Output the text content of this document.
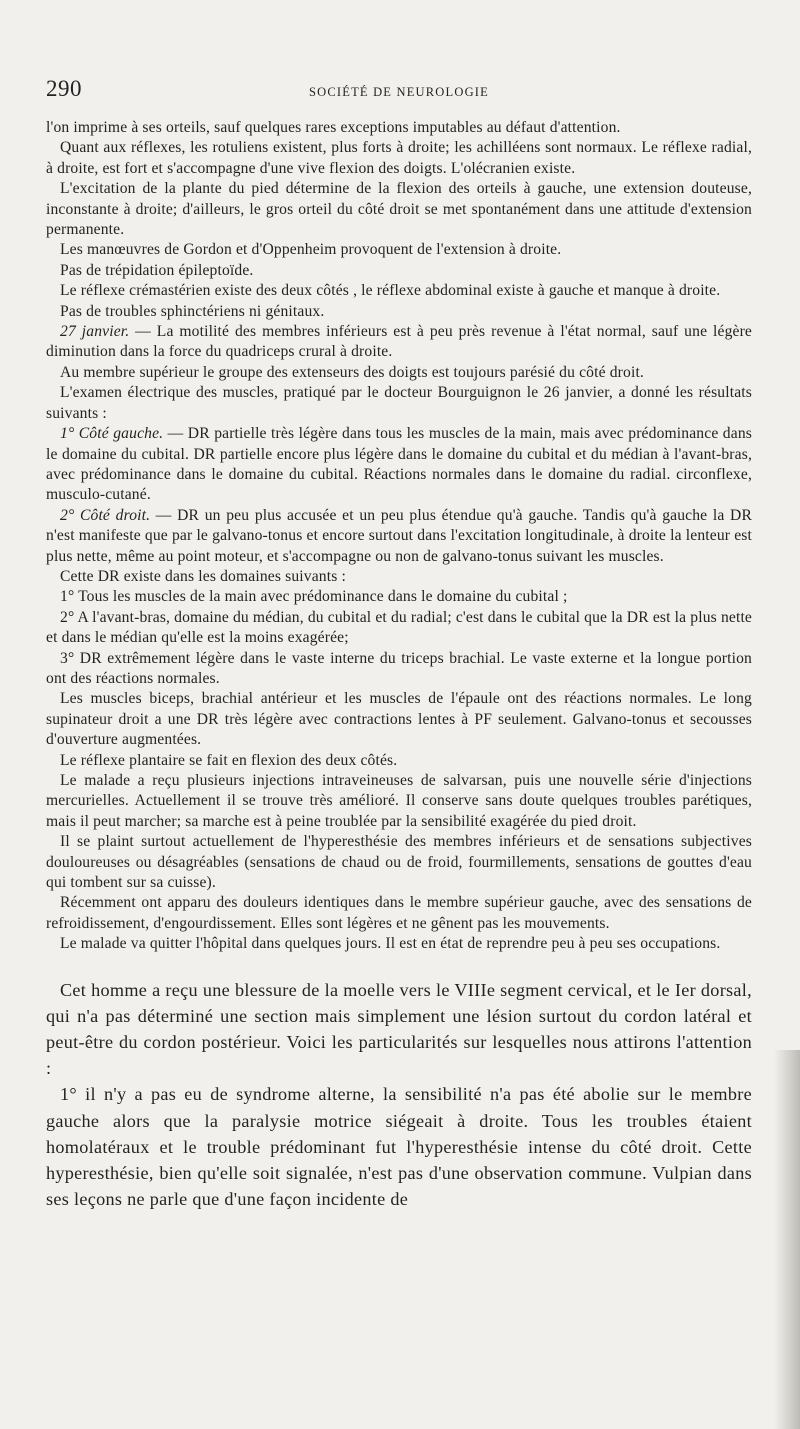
290	SOCIÉTÉ DE NEUROLOGIE

l'on imprime à ses orteils, sauf quelques rares exceptions imputables au défaut d'attention.

Quant aux réflexes, les rotuliens existent, plus forts à droite; les achilléens sont normaux. Le réflexe radial, à droite, est fort et s'accompagne d'une vive flexion des doigts. L'olécranien existe.

L'excitation de la plante du pied détermine de la flexion des orteils à gauche, une extension douteuse, inconstante à droite; d'ailleurs, le gros orteil du côté droit se met spontanément dans une attitude d'extension permanente.

Les manœuvres de Gordon et d'Oppenheim provoquent de l'extension à droite.

Pas de trépidation épileptoïde.

Le réflexe crémastérien existe des deux côtés , le réflexe abdominal existe à gauche et manque à droite.

Pas de troubles sphinctériens ni génitaux.

27 janvier. — La motilité des membres inférieurs est à peu près revenue à l'état normal, sauf une légère diminution dans la force du quadriceps crural à droite.

Au membre supérieur le groupe des extenseurs des doigts est toujours parésié du côté droit.

L'examen électrique des muscles, pratiqué par le docteur Bourguignon le 26 janvier, a donné les résultats suivants :

1° Côté gauche. — DR partielle très légère dans tous les muscles de la main, mais avec prédominance dans le domaine du cubital. DR partielle encore plus légère dans le domaine du cubital et du médian à l'avant-bras, avec prédominance dans le domaine du cubital. Réactions normales dans le domaine du radial. circonflexe, musculo-cutané.

2° Côté droit. — DR un peu plus accusée et un peu plus étendue qu'à gauche. Tandis qu'à gauche la DR n'est manifeste que par le galvano-tonus et encore surtout dans l'excitation longitudinale, à droite la lenteur est plus nette, même au point moteur, et s'accompagne ou non de galvano-tonus suivant les muscles.

Cette DR existe dans les domaines suivants :

1° Tous les muscles de la main avec prédominance dans le domaine du cubital ;

2° A l'avant-bras, domaine du médian, du cubital et du radial; c'est dans le cubital que la DR est la plus nette et dans le médian qu'elle est la moins exagérée;

3° DR extrêmement légère dans le vaste interne du triceps brachial. Le vaste externe et la longue portion ont des réactions normales.

Les muscles biceps, brachial antérieur et les muscles de l'épaule ont des réactions normales. Le long supinateur droit a une DR très légère avec contractions lentes à PF seulement. Galvano-tonus et secousses d'ouverture augmentées.

Le réflexe plantaire se fait en flexion des deux côtés.

Le malade a reçu plusieurs injections intraveineuses de salvarsan, puis une nouvelle série d'injections mercurielles. Actuellement il se trouve très amélioré. Il conserve sans doute quelques troubles parétiques, mais il peut marcher; sa marche est à peine troublée par la sensibilité exagérée du pied droit.

Il se plaint surtout actuellement de l'hyperesthésie des membres inférieurs et de sensations subjectives douloureuses ou désagréables (sensations de chaud ou de froid, fourmillements, sensations de gouttes d'eau qui tombent sur sa cuisse).

Récemment ont apparu des douleurs identiques dans le membre supérieur gauche, avec des sensations de refroidissement, d'engourdissement. Elles sont légères et ne gênent pas les mouvements.

Le malade va quitter l'hôpital dans quelques jours. Il est en état de reprendre peu à peu ses occupations.

Cet homme a reçu une blessure de la moelle vers le VIIIe segment cervical, et le Ier dorsal, qui n'a pas déterminé une section mais simplement une lésion surtout du cordon latéral et peut-être du cordon postérieur. Voici les particularités sur lesquelles nous attirons l'attention :

1° il n'y a pas eu de syndrome alterne, la sensibilité n'a pas été abolie sur le membre gauche alors que la paralysie motrice siégeait à droite. Tous les troubles étaient homolatéraux et le trouble prédominant fut l'hyperesthésie intense du côté droit. Cette hyperesthésie, bien qu'elle soit signalée, n'est pas d'une observation commune. Vulpian dans ses leçons ne parle que d'une façon incidente de
